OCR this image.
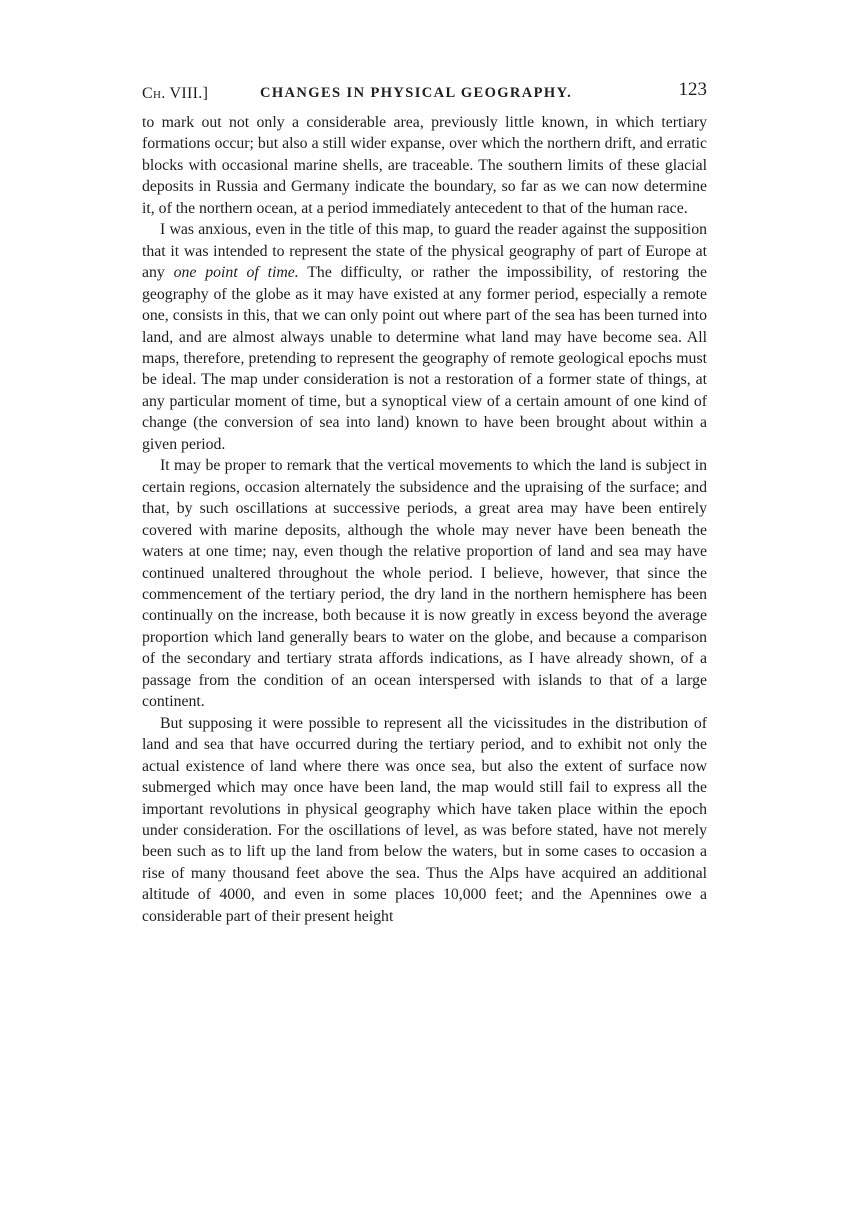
Ch. VIII.]	CHANGES IN PHYSICAL GEOGRAPHY.	123

to mark out not only a considerable area, previously little known, in which tertiary formations occur; but also a still wider expanse, over which the northern drift, and erratic blocks with occasional marine shells, are traceable. The southern limits of these glacial deposits in Russia and Germany indicate the boundary, so far as we can now determine it, of the northern ocean, at a period immediately antecedent to that of the human race.

I was anxious, even in the title of this map, to guard the reader against the supposition that it was intended to represent the state of the physical geography of part of Europe at any one point of time. The difficulty, or rather the impossibility, of restoring the geography of the globe as it may have existed at any former period, especially a remote one, consists in this, that we can only point out where part of the sea has been turned into land, and are almost always unable to determine what land may have become sea. All maps, therefore, pretending to represent the geography of remote geological epochs must be ideal. The map under consideration is not a restoration of a former state of things, at any particular moment of time, but a synoptical view of a certain amount of one kind of change (the conversion of sea into land) known to have been brought about within a given period.

It may be proper to remark that the vertical movements to which the land is subject in certain regions, occasion alternately the subsidence and the upraising of the surface; and that, by such oscillations at successive periods, a great area may have been entirely covered with marine deposits, although the whole may never have been beneath the waters at one time; nay, even though the relative proportion of land and sea may have continued unaltered throughout the whole period. I believe, however, that since the commencement of the tertiary period, the dry land in the northern hemisphere has been continually on the increase, both because it is now greatly in excess beyond the average proportion which land generally bears to water on the globe, and because a comparison of the secondary and tertiary strata affords indications, as I have already shown, of a passage from the condition of an ocean interspersed with islands to that of a large continent.

But supposing it were possible to represent all the vicissitudes in the distribution of land and sea that have occurred during the tertiary period, and to exhibit not only the actual existence of land where there was once sea, but also the extent of surface now submerged which may once have been land, the map would still fail to express all the important revolutions in physical geography which have taken place within the epoch under consideration. For the oscillations of level, as was before stated, have not merely been such as to lift up the land from below the waters, but in some cases to occasion a rise of many thousand feet above the sea. Thus the Alps have acquired an additional altitude of 4000, and even in some places 10,000 feet; and the Apennines owe a considerable part of their present height
